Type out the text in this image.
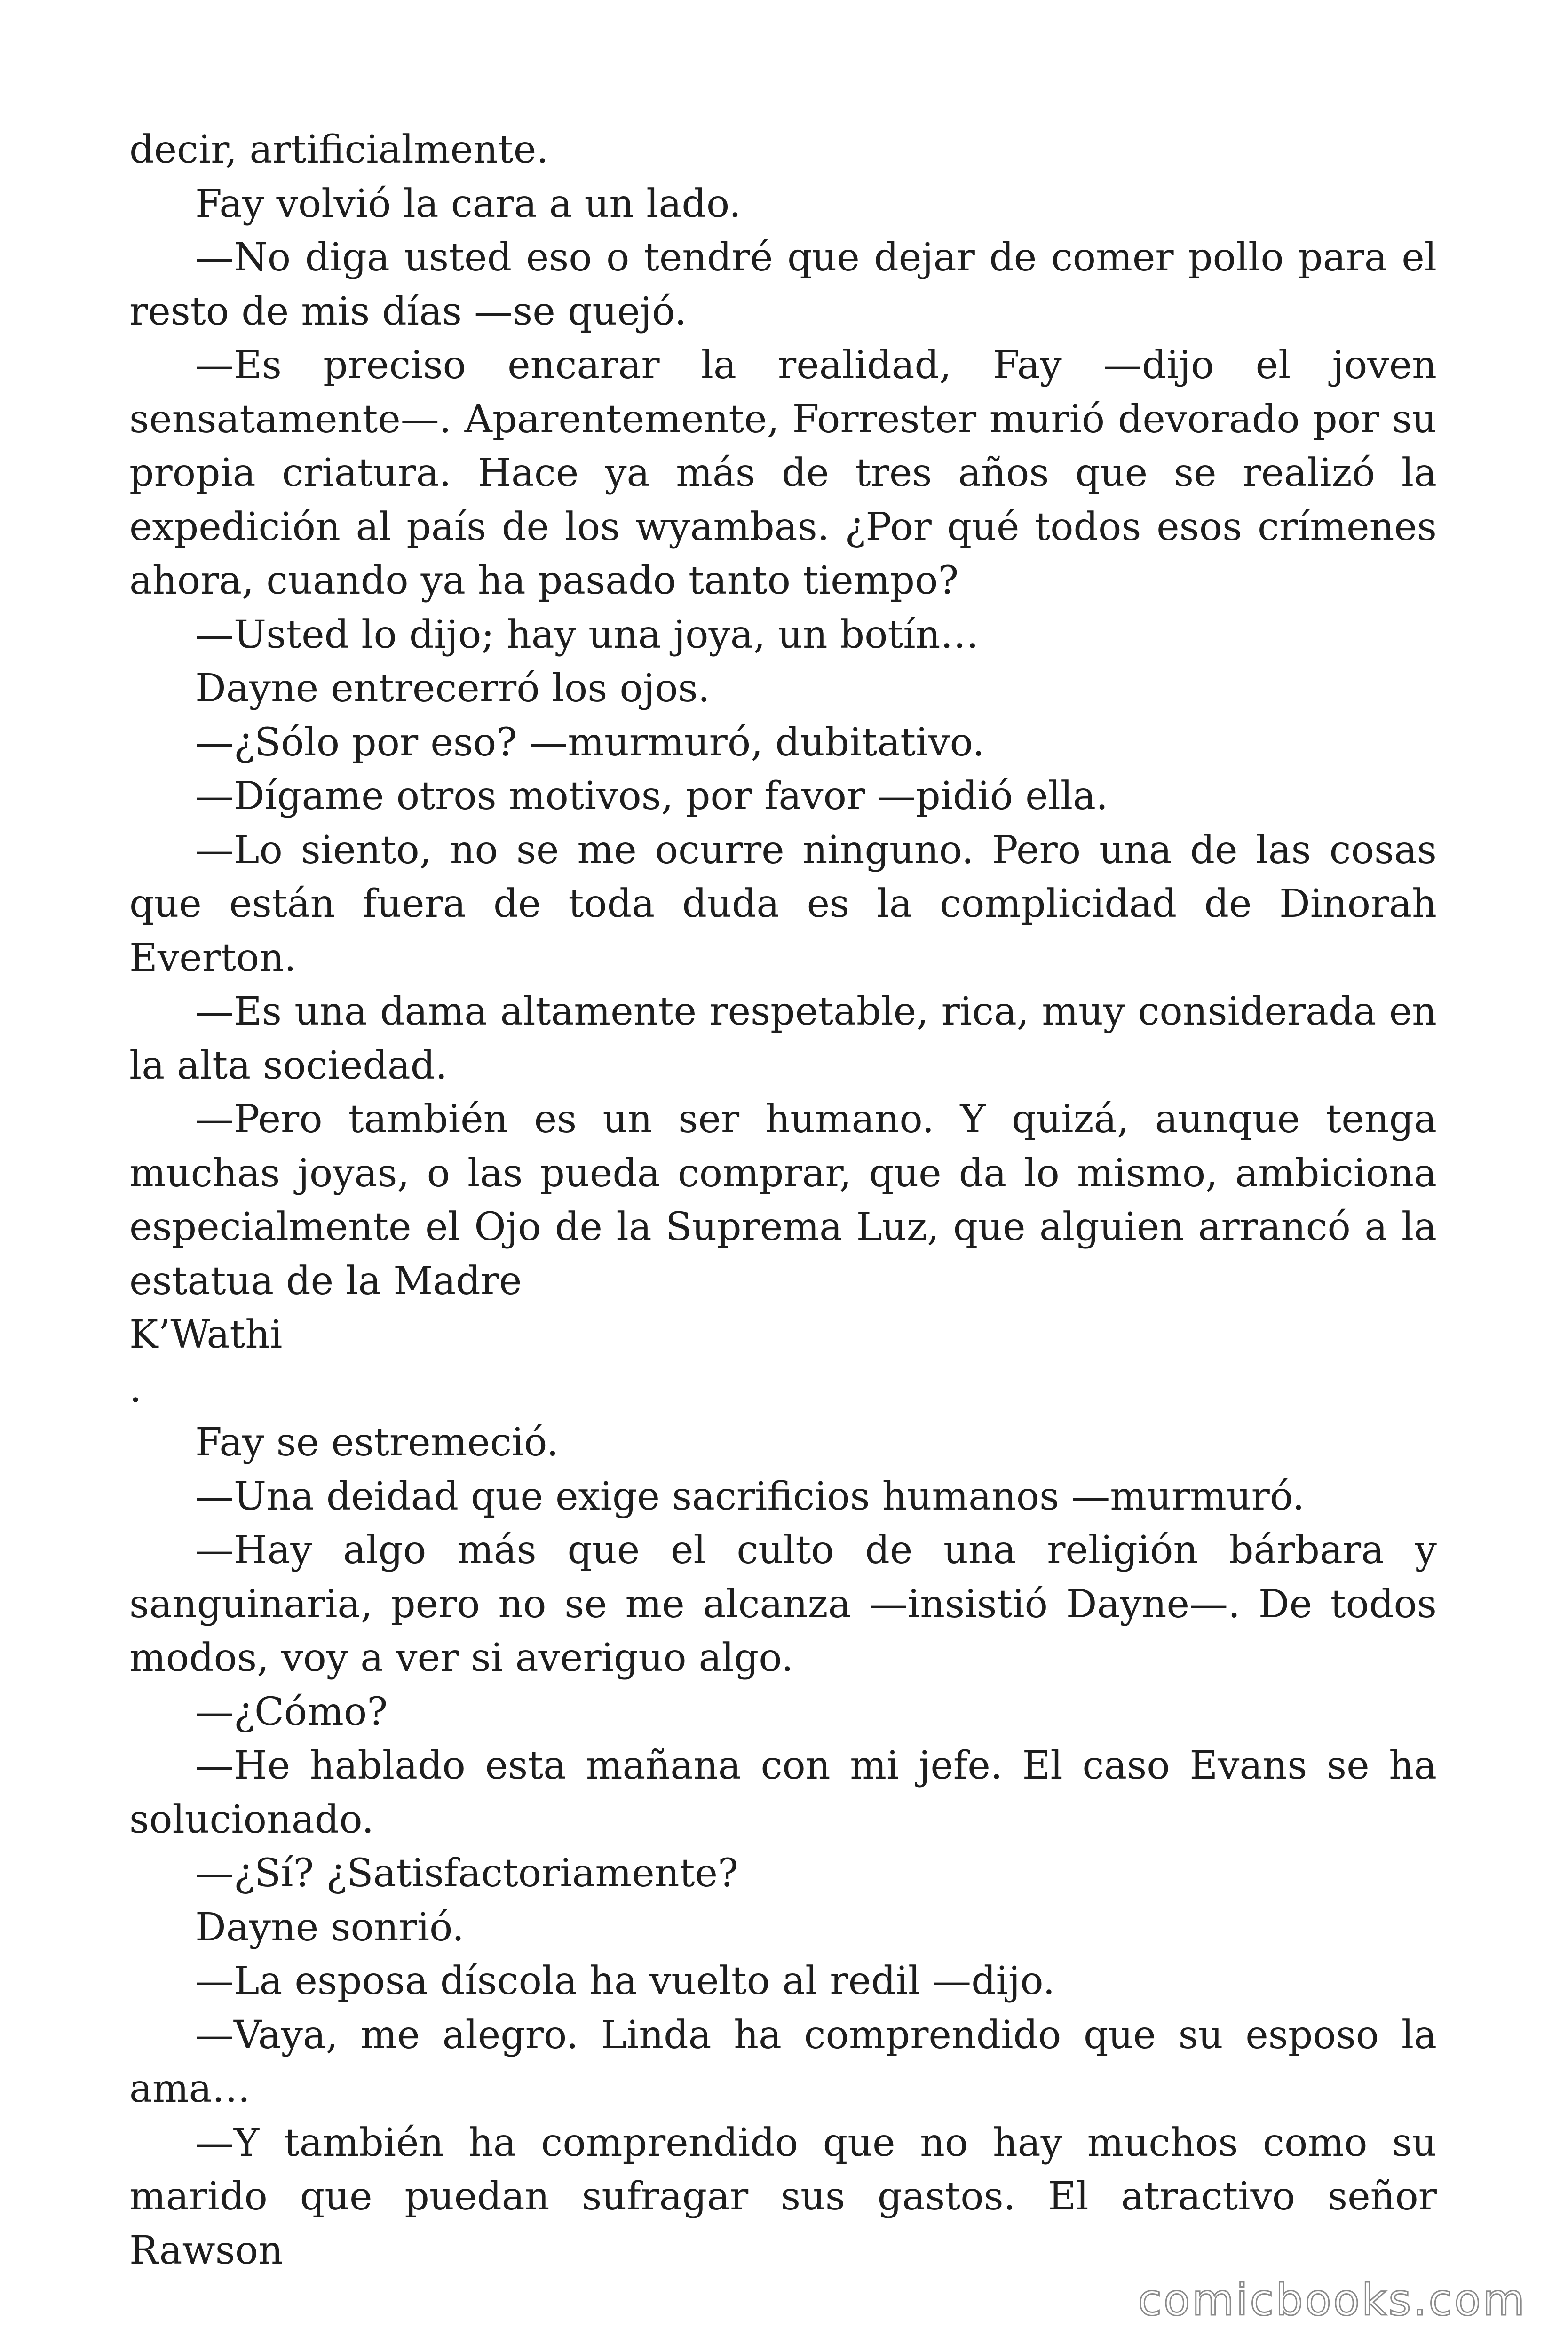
decir, artificialmente.

Fay volvió la cara a un lado.

—No diga usted eso o tendré que dejar de comer pollo para el resto de mis días —se quejó.

—Es preciso encarar la realidad, Fay —dijo el joven sensatamente—. Aparentemente, Forrester murió devorado por su propia criatura. Hace ya más de tres años que se realizó la expedición al país de los wyambas. ¿Por qué todos esos crímenes ahora, cuando ya ha pasado tanto tiempo?

—Usted lo dijo; hay una joya, un botín…

Dayne entrecerró los ojos.

—¿Sólo por eso? —murmuró, dubitativo.

—Dígame otros motivos, por favor —pidió ella.

—Lo siento, no se me ocurre ninguno. Pero una de las cosas que están fuera de toda duda es la complicidad de Dinorah Everton.

—Es una dama altamente respetable, rica, muy considerada en la alta sociedad.

—Pero también es un ser humano. Y quizá, aunque tenga muchas joyas, o las pueda comprar, que da lo mismo, ambiciona especialmente el Ojo de la Suprema Luz, que alguien arrancó a la estatua de la Madre

K’Wathi

.

Fay se estremeció.

—Una deidad que exige sacrificios humanos —murmuró.

—Hay algo más que el culto de una religión bárbara y sanguinaria, pero no se me alcanza —insistió Dayne—. De todos modos, voy a ver si averiguo algo.

—¿Cómo?

—He hablado esta mañana con mi jefe. El caso Evans se ha solucionado.

—¿Sí? ¿Satisfactoriamente?

Dayne sonrió.

—La esposa díscola ha vuelto al redil —dijo.

—Vaya, me alegro. Linda ha comprendido que su esposo la ama…

—Y también ha comprendido que no hay muchos como su marido que puedan sufragar sus gastos. El atractivo señor Rawson

comicbooks.com
